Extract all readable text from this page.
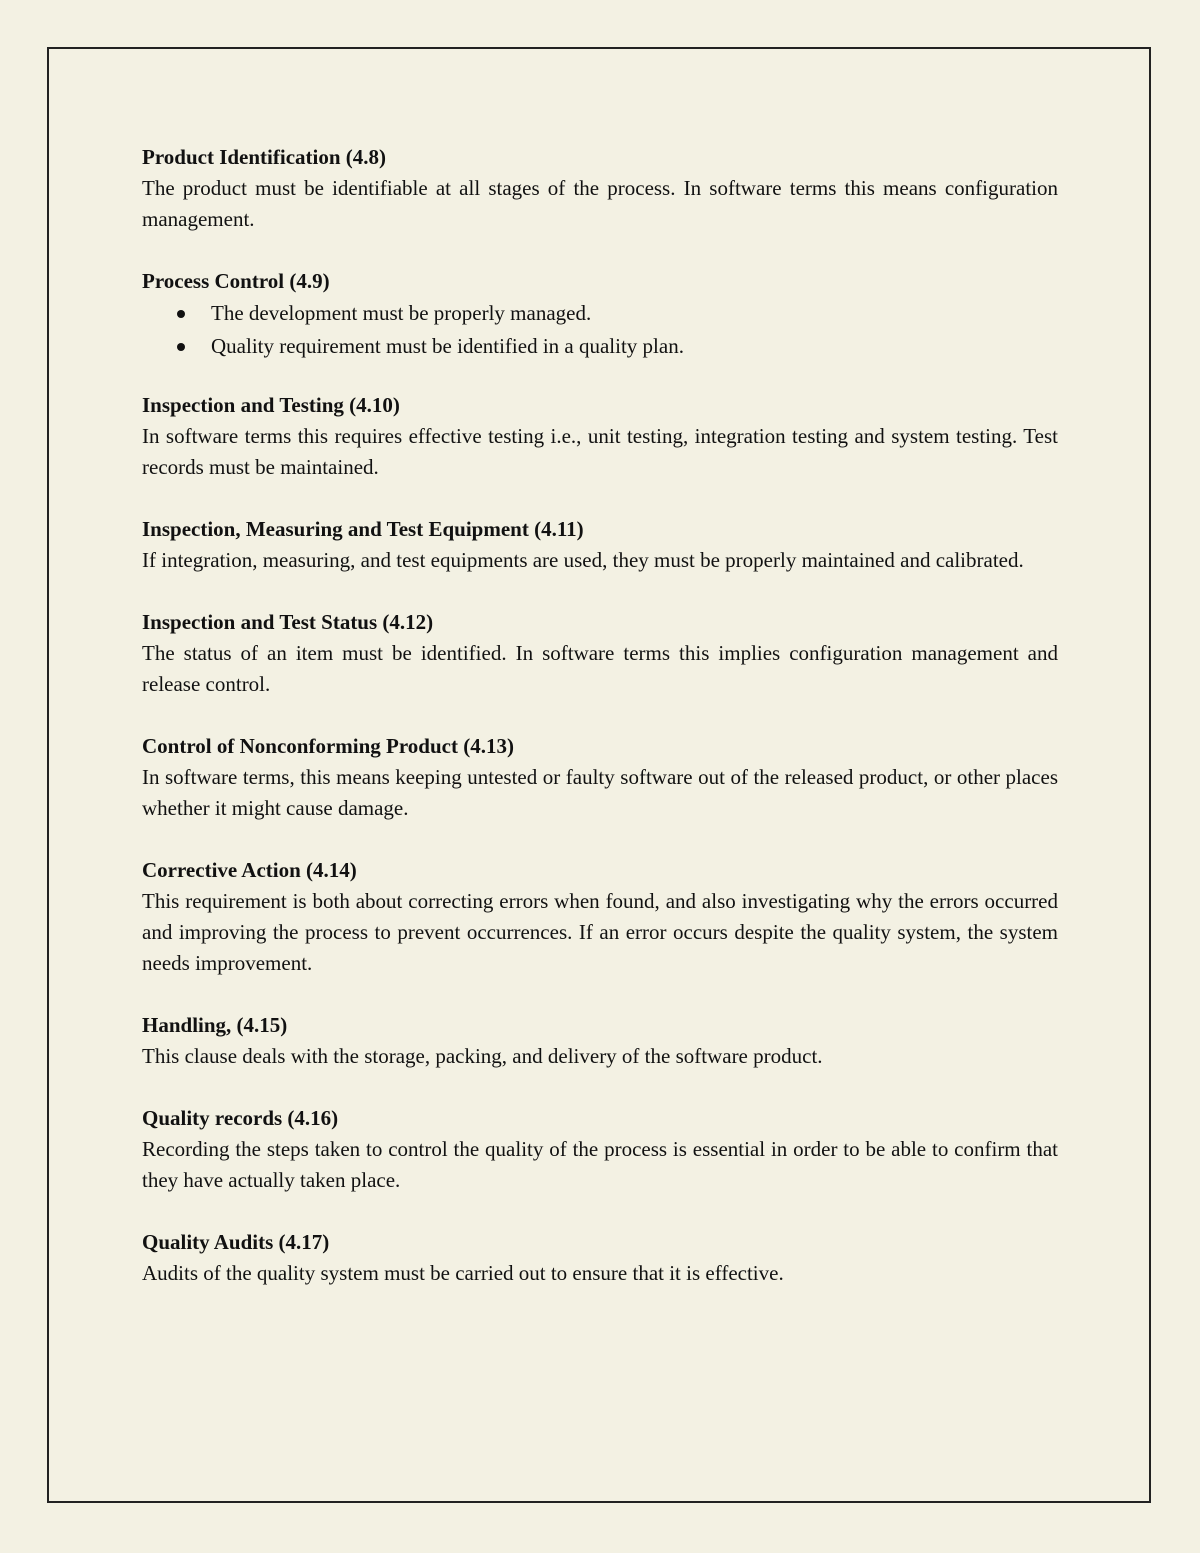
Product Identification (4.8)

The product must be identifiable at all stages of the process. In software terms this means configuration management.

Process Control (4.9)

The development must be properly managed.
Quality requirement must be identified in a quality plan.

Inspection and Testing (4.10)

In software terms this requires effective testing i.e., unit testing, integration testing and system testing. Test records must be maintained.

Inspection, Measuring and Test Equipment (4.11)

If integration, measuring, and test equipments are used, they must be properly maintained and calibrated.

Inspection and Test Status (4.12)

The status of an item must be identified. In software terms this implies configuration management and release control.

Control of Nonconforming Product (4.13)

In software terms, this means keeping untested or faulty software out of the released product, or other places whether it might cause damage.

Corrective Action (4.14)

This requirement is both about correcting errors when found, and also investigating why the errors occurred and improving the process to prevent occurrences. If an error occurs despite the quality system, the system needs improvement.

Handling, (4.15)

This clause deals with the storage, packing, and delivery of the software product.

Quality records (4.16)

Recording the steps taken to control the quality of the process is essential in order to be able to confirm that they have actually taken place.

Quality Audits (4.17)

Audits of the quality system must be carried out to ensure that it is effective.
